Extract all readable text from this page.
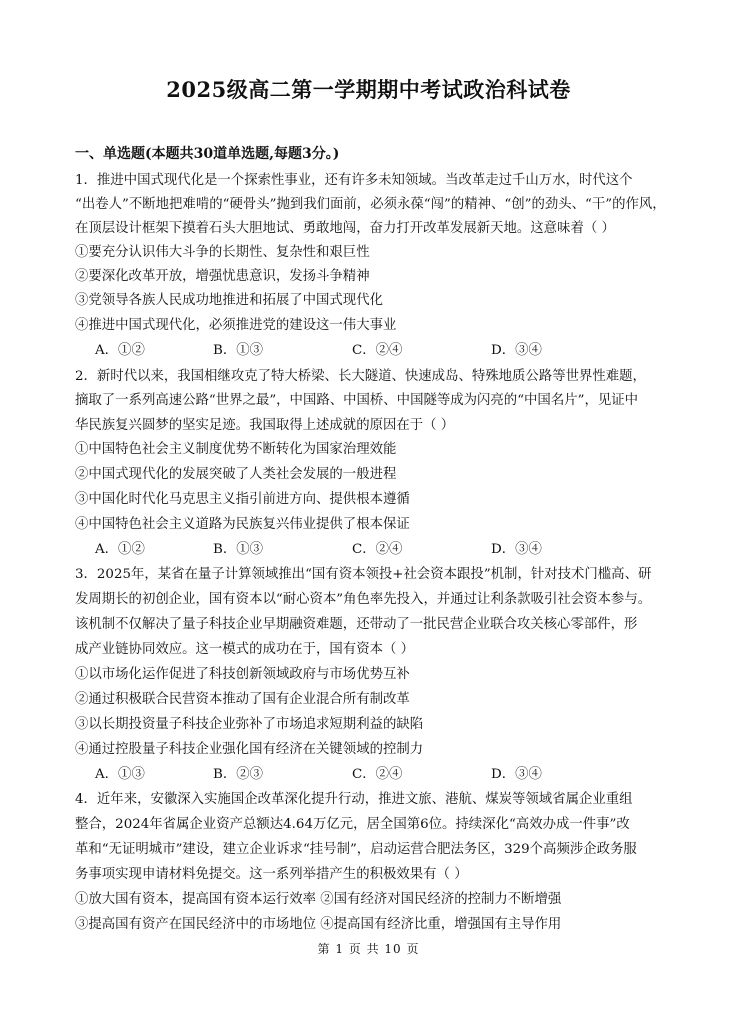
2025级高二第一学期期中考试政治科试卷
一、单选题(本题共30道单选题,每题3分。)
1．推进中国式现代化是一个探索性事业，还有许多未知领域。当改革走过千山万水，时代这个
“出卷人”不断地把难啃的“硬骨头”抛到我们面前，必须永葆“闯”的精神、“创”的劲头、“干”的作风，
在顶层设计框架下摸着石头大胆地试、勇敢地闯，奋力打开改革发展新天地。这意味着（ ）
①要充分认识伟大斗争的长期性、复杂性和艰巨性
②要深化改革开放，增强忧患意识，发扬斗争精神
③党领导各族人民成功地推进和拓展了中国式现代化
④推进中国式现代化，必须推进党的建设这一伟大事业
A．①②	B．①③	C．②④	D．③④
2．新时代以来，我国相继攻克了特大桥梁、长大隧道、快速成岛、特殊地质公路等世界性难题，
摘取了一系列高速公路“世界之最”，中国路、中国桥、中国隧等成为闪亮的“中国名片”，见证中
华民族复兴圆梦的坚实足迹。我国取得上述成就的原因在于（ ）
①中国特色社会主义制度优势不断转化为国家治理效能
②中国式现代化的发展突破了人类社会发展的一般进程
③中国化时代化马克思主义指引前进方向、提供根本遵循
④中国特色社会主义道路为民族复兴伟业提供了根本保证
A．①②	B．①③	C．②④	D．③④
3．2025年，某省在量子计算领域推出“国有资本领投+社会资本跟投”机制，针对技术门槛高、研
发周期长的初创企业，国有资本以“耐心资本”角色率先投入，并通过让利条款吸引社会资本参与。
该机制不仅解决了量子科技企业早期融资难题，还带动了一批民营企业联合攻关核心零部件，形
成产业链协同效应。这一模式的成功在于，国有资本（ ）
①以市场化运作促进了科技创新领域政府与市场优势互补
②通过积极联合民营资本推动了国有企业混合所有制改革
③以长期投资量子科技企业弥补了市场追求短期利益的缺陷
④通过控股量子科技企业强化国有经济在关键领域的控制力
A．①③	B．②③	C．②④	D．③④
4．近年来，安徽深入实施国企改革深化提升行动，推进文旅、港航、煤炭等领域省属企业重组
整合，2024年省属企业资产总额达4.64万亿元，居全国第6位。持续深化“高效办成一件事”改
革和“无证明城市”建设，建立企业诉求“挂号制”，启动运营合肥法务区，329个高频涉企政务服
务事项实现申请材料免提交。这一系列举措产生的积极效果有（ ）
①放大国有资本，提高国有资本运行效率 ②国有经济对国民经济的控制力不断增强
③提高国有资产在国民经济中的市场地位 ④提高国有经济比重，增强国有主导作用
第 1 页 共 10 页
